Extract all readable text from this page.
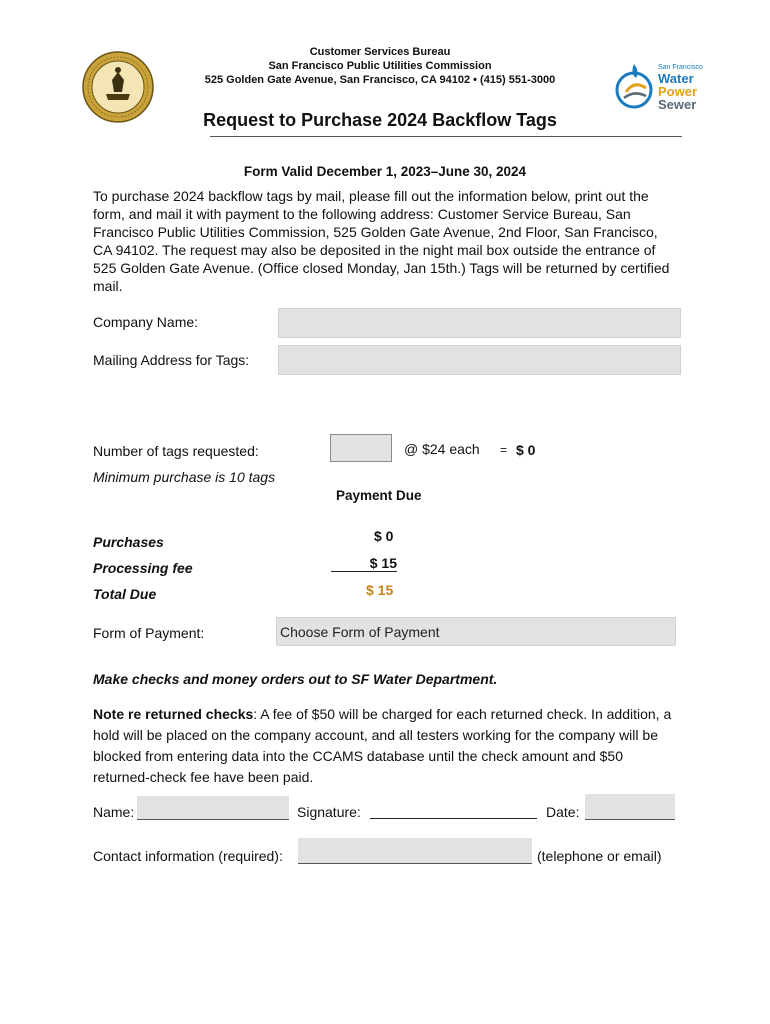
Customer Services Bureau
San Francisco Public Utilities Commission
525 Golden Gate Avenue, San Francisco, CA 94102 • (415) 551-3000
San Francisco
Water
Power
Sewer
Request to Purchase 2024 Backflow Tags
Form Valid December 1, 2023–June 30, 2024
To purchase 2024 backflow tags by mail, please fill out the information below, print out the form, and mail it with payment to the following address: Customer Service Bureau, San Francisco Public Utilities Commission, 525 Golden Gate Avenue, 2nd Floor, San Francisco, CA 94102. The request may also be deposited in the night mail box outside the entrance of 525 Golden Gate Avenue. (Office closed Monday, Jan 15th.) Tags will be returned by certified mail.
Company Name:
Mailing Address for Tags:
Number of tags requested:	@ $24 each = $ 0
Minimum purchase is 10 tags
Payment Due
Purchases	$ 0
Processing fee	$ 15
Total Due	$ 15
Form of Payment:	Choose Form of Payment
Make checks and money orders out to SF Water Department.
Note re returned checks: A fee of $50 will be charged for each returned check. In addition, a hold will be placed on the company account, and all testers working for the company will be blocked from entering data into the CCAMS database until the check amount and $50 returned-check fee have been paid.
Name:	Signature:	Date:
Contact information (required):	(telephone or email)
